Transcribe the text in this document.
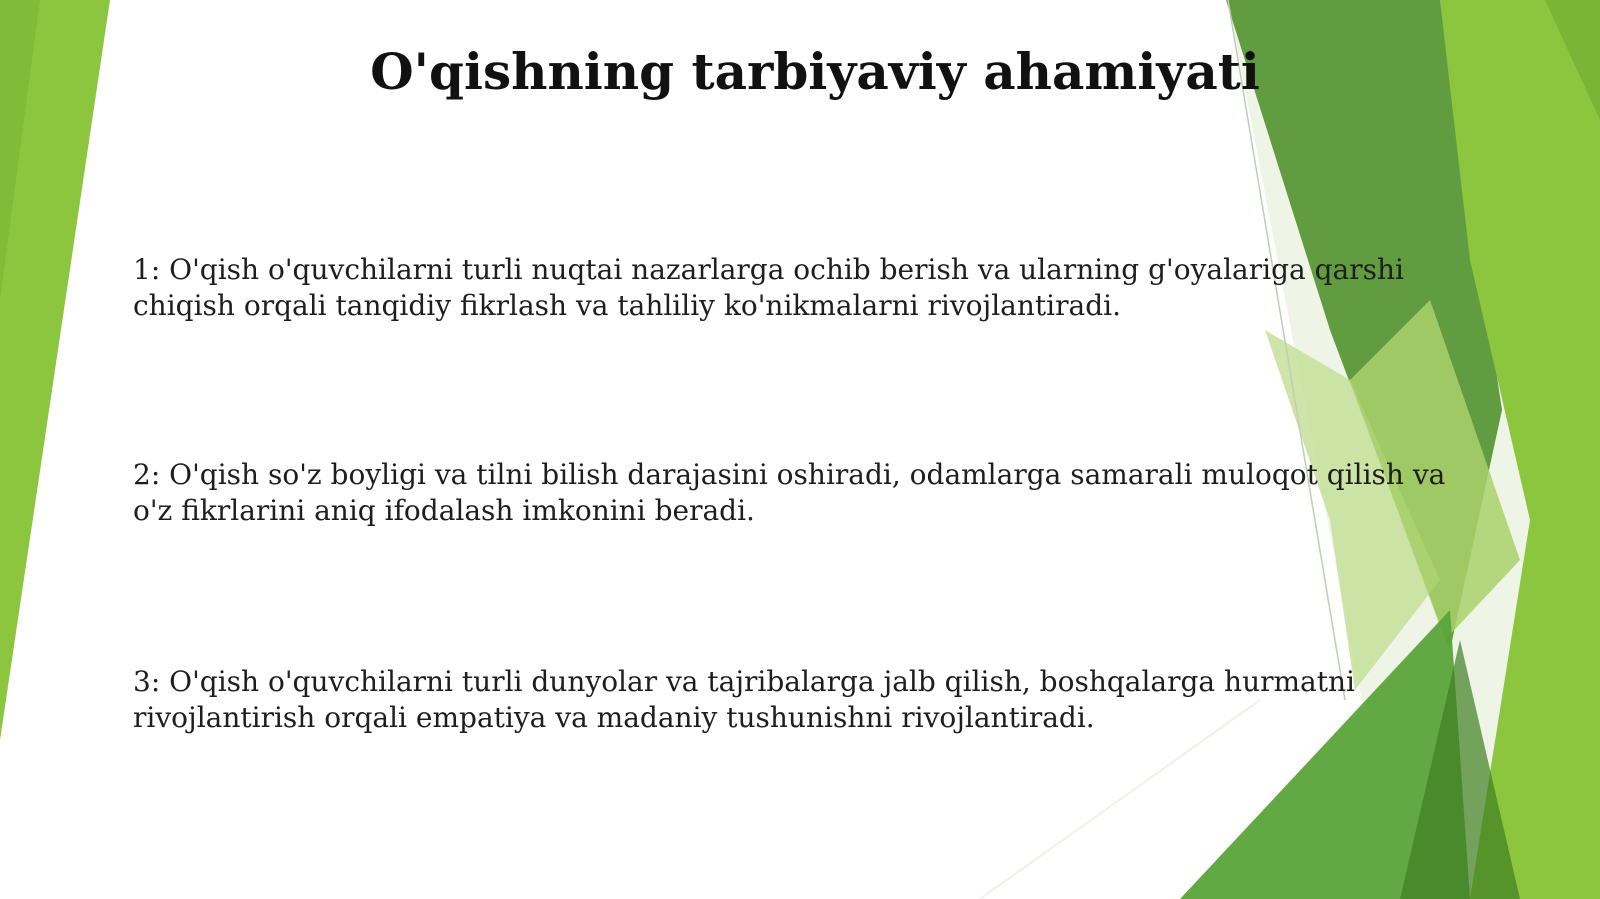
O'qishning tarbiyaviy ahamiyati
1: O'qish o'quvchilarni turli nuqtai nazarlarga ochib berish va ularning g'oyalariga qarshi chiqish orqali tanqidiy fikrlash va tahliliy ko'nikmalarni rivojlantiradi.
2: O'qish so'z boyligi va tilni bilish darajasini oshiradi, odamlarga samarali muloqot qilish va o'z fikrlarini aniq ifodalash imkonini beradi.
3: O'qish o'quvchilarni turli dunyolar va tajribalarga jalb qilish, boshqalarga hurmatni rivojlantirish orqali empatiya va madaniy tushunishni rivojlantiradi.
